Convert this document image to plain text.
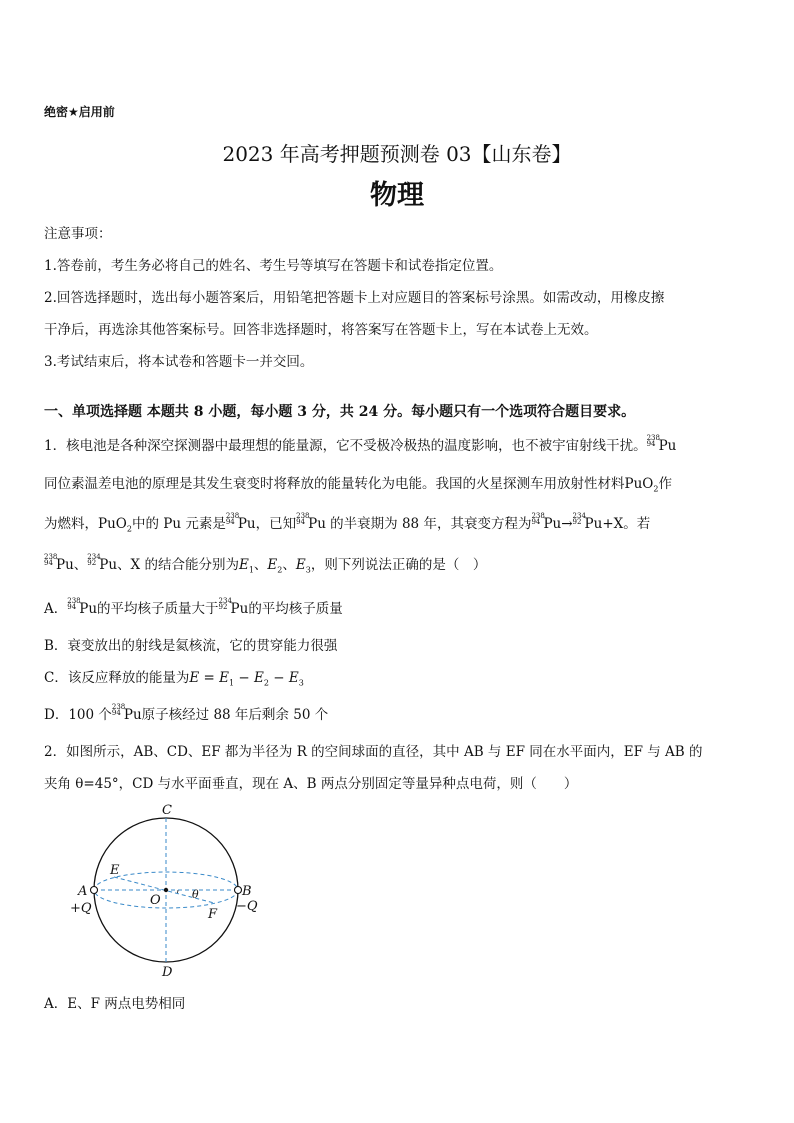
绝密★启用前
2023 年高考押题预测卷 03【山东卷】
物理
注意事项：
1.答卷前，考生务必将自己的姓名、考生号等填写在答题卡和试卷指定位置。
2.回答选择题时，选出每小题答案后，用铅笔把答题卡上对应题目的答案标号涂黑。如需改动，用橡皮擦
干净后，再选涂其他答案标号。回答非选择题时，将答案写在答题卡上，写在本试卷上无效。
3.考试结束后，将本试卷和答题卡一并交回。
一、单项选择题 本题共 8 小题，每小题 3 分，共 24 分。每小题只有一个选项符合题目要求。
1．核电池是各种深空探测器中最理想的能量源，它不受极冷极热的温度影响，也不被宇宙射线干扰。 238
94 Pu
同位素温差电池的原理是其发生衰变时将释放的能量转化为电能。我国的火星探测车用放射性材料PuO$_2$作
为燃料，PuO$_2$中的 Pu 元素是 238
94 Pu，已知 238
94 Pu 的半衰期为 88 年，其衰变方程为 238
94 Pu→ 234
92 Pu+X。若
238
94 Pu、 234
92 Pu、X 的结合能分别为$E_1$、$E_2$、$E_3$，则下列说法正确的是（　）
A． 238
94 Pu的平均核子质量大于 234
92 Pu的平均核子质量
B．衰变放出的射线是氦核流，它的贯穿能力很强
C．该反应释放的能量为$E = E_1 - E_2 - E_3$
D．100 个 238
94 Pu原子核经过 88 年后剩余 50 个
2．如图所示，AB、CD、EF 都为半径为 R 的空间球面的直径，其中 AB 与 EF 同在水平面内，EF 与 AB 的
夹角 θ=45°，CD 与水平面垂直，现在 A、B 两点分别固定等量异种点电荷，则（　　）
C
D
A	B
E
F
O	θ
+Q	−Q
A．E、F 两点电势相同
